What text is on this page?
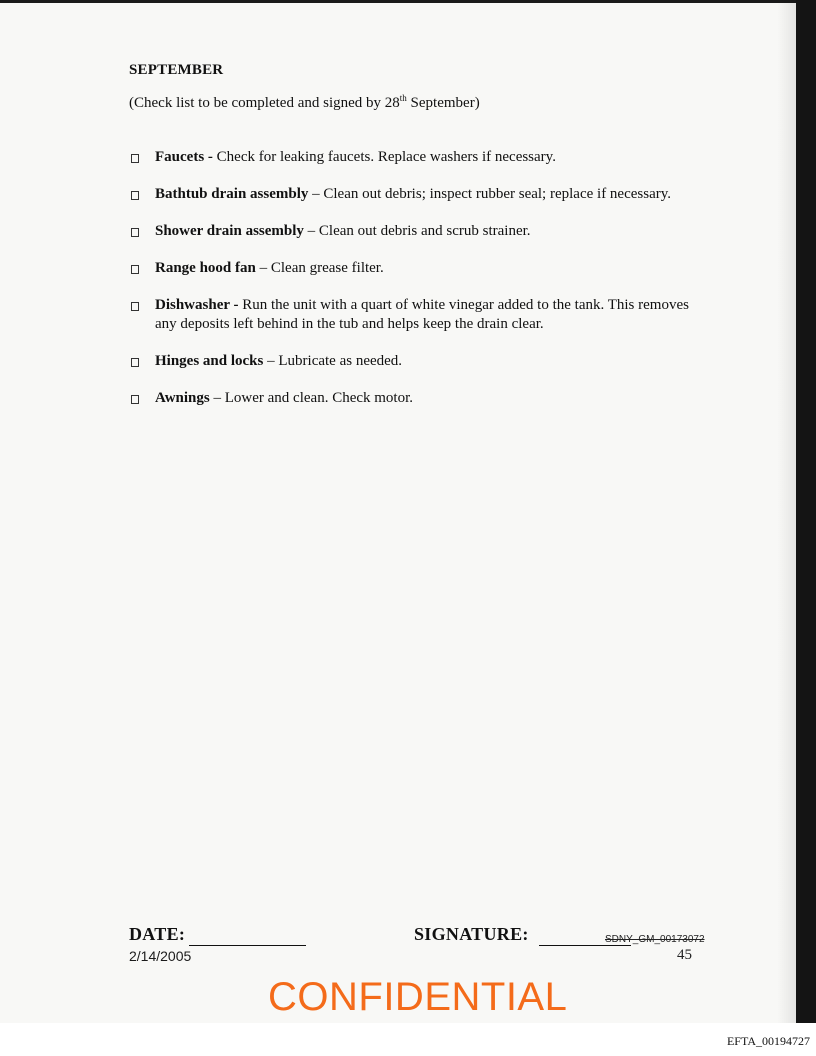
SEPTEMBER
(Check list to be completed and signed by 28th September)
Faucets - Check for leaking faucets. Replace washers if necessary.
Bathtub drain assembly – Clean out debris; inspect rubber seal; replace if necessary.
Shower drain assembly – Clean out debris and scrub strainer.
Range hood fan – Clean grease filter.
Dishwasher - Run the unit with a quart of white vinegar added to the tank. This removes any deposits left behind in the tub and helps keep the drain clear.
Hinges and locks – Lubricate as needed.
Awnings – Lower and clean. Check motor.
DATE:
2/14/2005
SIGNATURE:	SDNY_GM_00173072
45
CONFIDENTIAL
EFTA_00194727
